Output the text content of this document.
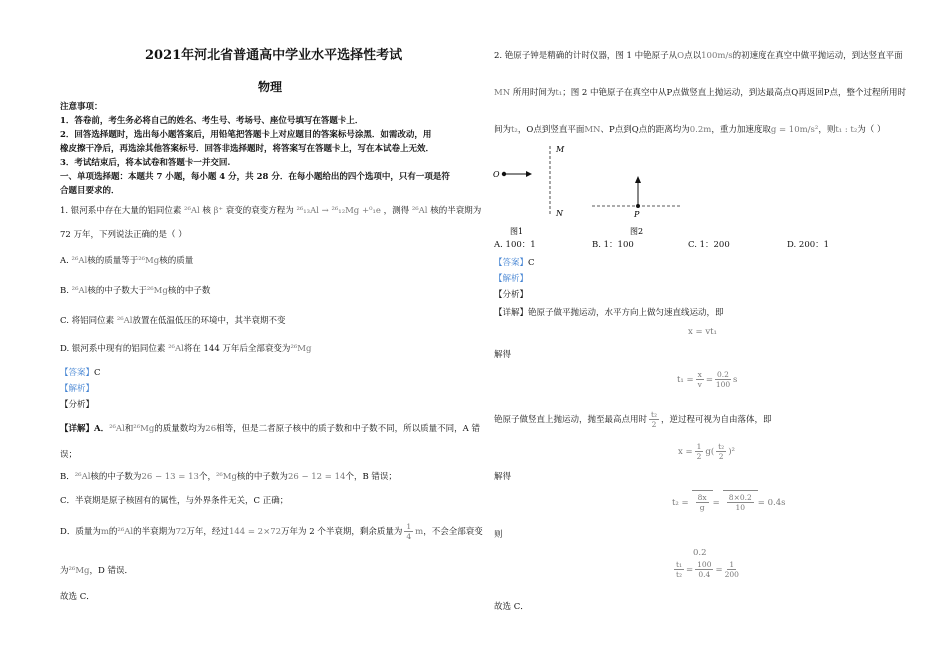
2021年河北省普通高中学业水平选择性考试
物理
注意事项：
1．答卷前，考生务必将自己的姓名、考生号、考场号、座位号填写在答题卡上．
2．回答选择题时，选出每小题答案后，用铅笔把答题卡上对应题目的答案标号涂黑．如需改动，用
橡皮擦干净后，再选涂其他答案标号．回答非选择题时，将答案写在答题卡上，写在本试卷上无效．
3．考试结束后，将本试卷和答题卡一并交回.
一、单项选择题：本题共 7 小题，每小题 4 分，共 28 分．在每小题给出的四个选项中，只有一项是符
合题目要求的．
1. 银河系中存在大量的铝同位素 ²⁶Al 核 β⁺ 衰变的衰变方程为 ²⁶₁₃Al → ²⁶₁₂Mg +⁰₁e ，测得 ²⁶Al 核的半衰期为
72 万年，下列说法正确的是（ ）
A. ²⁶Al核的质量等于²⁶Mg核的质量
B. ²⁶Al核的中子数大于²⁶Mg核的中子数
C. 将铝同位素 ²⁶Al放置在低温低压的环境中，其半衰期不变
D. 银河系中现有的铝同位素 ²⁶Al将在 144 万年后全部衰变为²⁶Mg
【答案】C
【解析】
【分析】
【详解】A．²⁶Al和²⁶Mg的质量数均为26相等，但是二者原子核中的质子数和中子数不同，所以质量不同，A 错
误；
B．²⁶Al核的中子数为26 − 13 = 13个，²⁶Mg核的中子数为26 − 12 = 14个，B 错误；
C．半衰期是原子核固有的属性，与外界条件无关，C 正确；
D．质量为m的²⁶Al的半衰期为72万年，经过144 = 2×72万年为 2 个半衰期，剩余质量为 $\frac{1}{4}$ m，不会全部衰变
为²⁶Mg，D 错误．
故选 C．
2. 铯原子钟是精确的计时仪器，图 1 中铯原子从O点以100m/s的初速度在真空中做平抛运动，到达竖直平面
MN 所用时间为t₁；图 2 中铯原子在真空中从P点做竖直上抛运动，到达最高点Q再返回P点，整个过程所用时
间为t₂，O点到竖直平面MN、P点到Q点的距离均为0.2m，重力加速度取g = 10m/s²，则t₁ : t₂为（ ）
M
N
O
图1
P
图2
A. 100：1	B. 1：100	C. 1：200	D. 200：1
【答案】C
【解析】
【分析】
【详解】铯原子做平抛运动，水平方向上做匀速直线运动，即
x = vt₁
解得
$t_1 = \frac{x}{v} = \frac{0.2}{100}$ s
铯原子做竖直上抛运动，抛至最高点用时 $\frac{\text{t₂}}{2}$ ，逆过程可视为自由落体，即
$x = \frac{1}{2} g( \frac{\text{t₂}}{2} )^2$
解得
$t_2 = \frac{8x}{g} = \frac{8\times 0.2}{10} = 0.4s$
则
0.2
$\frac{\text{t₁}}{\text{t₂}} = \frac{100}{0.4} = \frac{1}{200}$
故选 C．
